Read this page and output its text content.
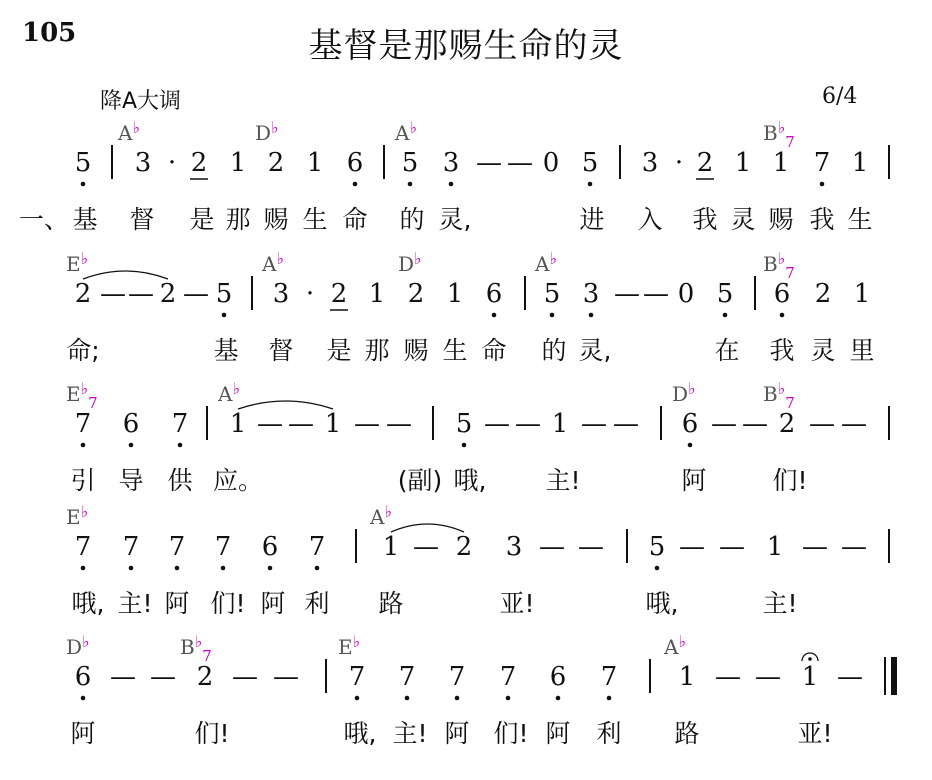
105	基督是那赐生命的灵
降A大调	6/4
A♭	D♭	A♭	$B^♭_7$
5 3 · 2 1 2 1 6 5 3 — — 0 5 3 · 2 1 1 7 1
一、 基 督 是 那 赐 生 命 的 灵,	进 入 我 灵 赐 我 生
E♭	A♭	D♭	A♭	$B^♭_7$
2 — — 2 — 5 3 · 2 1 2 1 6 5 3 — — 0 5 6 2 1
命;	基 督 是 那 赐 生 命 的 灵,	在 我 灵 里
$E^♭_7$	A♭	D♭	$B^♭_7$
7 6 7 1 — — 1 — — 5 — — 1 — — 6 — — 2 — —
引 导 供 应。	(副) 哦, 主!	阿	们!
E♭	A♭
7 7 7 7 6 7 1 — 2 3 — — 5 — — 1 — —
哦, 主! 阿 们! 阿 利 路	亚!	哦,	主!
D♭	$B^♭_7$	E♭	A♭
6 — — 2 — — 7 7 7 7 6 7 1 — — 1 —
阿	们!	哦, 主! 阿 们! 阿 利 路	亚!
